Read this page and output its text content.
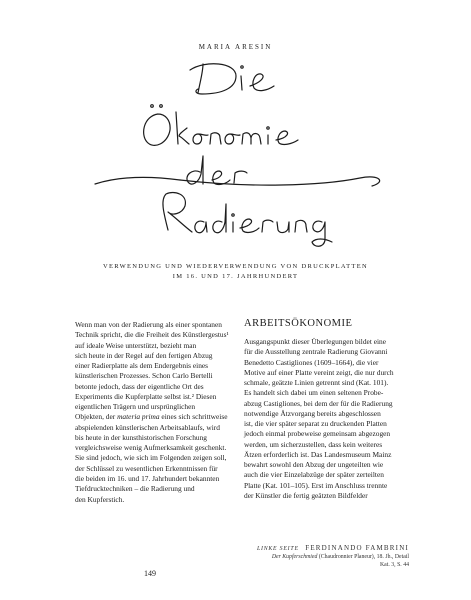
MARIA ARESIN
VERWENDUNG UND WIEDERVERWENDUNG VON DRUCKPLATTEN
IM 16. UND 17. JAHRHUNDERT
Wenn man von der Radierung als einer spontanen
Technik spricht, die die Freiheit des Künstlergestus¹
auf ideale Weise unterstützt, bezieht man
sich heute in der Regel auf den fertigen Abzug
einer Radierplatte als dem Endergebnis eines
künstlerischen Prozesses. Schon Carlo Bertelli
betonte jedoch, dass der eigentliche Ort des
Experiments die Kupferplatte selbst ist.² Diesen
eigentlichen Trägern und ursprünglichen
Objekten, der materia prima eines sich schrittweise
abspielenden künstlerischen Arbeitsablaufs, wird
bis heute in der kunsthistorischen Forschung
vergleichsweise wenig Aufmerksamkeit geschenkt.
Sie sind jedoch, wie sich im Folgenden zeigen soll,
der Schlüssel zu wesentlichen Erkenntnissen für
die beiden im 16. und 17. Jahrhundert bekannten
Tiefdrucktechniken – die Radierung und
den Kupferstich.
ARBEITSÖKONOMIE
Ausgangspunkt dieser Überlegungen bildet eine
für die Ausstellung zentrale Radierung Giovanni
Benedetto Castigliones (1609–1664), die vier
Motive auf einer Platte vereint zeigt, die nur durch
schmale, geätzte Linien getrennt sind (Kat. 101).
Es handelt sich dabei um einen seltenen Probe-
abzug Castigliones, bei dem der für die Radierung
notwendige Ätzvorgang bereits abgeschlossen
ist, die vier später separat zu druckenden Platten
jedoch einmal probeweise gemeinsam abgezogen
werden, um sicherzustellen, dass kein weiteres
Ätzen erforderlich ist. Das Landesmuseum Mainz
bewahrt sowohl den Abzug der ungeteilten wie
auch die vier Einzelabzüge der später zerteilten
Platte (Kat. 101–105). Erst im Anschluss trennte
der Künstler die fertig geätzten Bildfelder
LINKE SEITE FERDINANDO FAMBRINI
Der Kupferschmied (Chaudronnier Planeur), 18. Jh., Detail
Kat. 3, S. 44
149
